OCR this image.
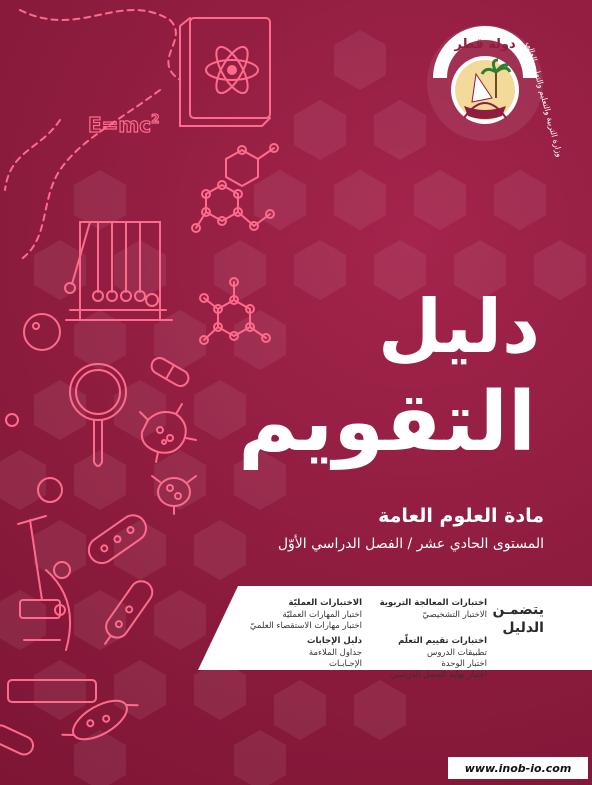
$E=mc^2$
دولة قطر وزارة التربية والتعليم والتعليم العالي
دليل
التقويم
مادة العلوم العامة
المستوى الحادي عشر / الفصل الدراسي الأوّل
يتضمـن
الدليل
اختبارات المعالجة التربوية
الاختبار التشخيصيّ
الاختبارات العمليّة
اختبار المهارات العمليّة
اختبار مهارات الاستقصاء العلميّ
اختبارات تقييم التعلّم
تطبيقات الدروس
اختبار الوحدة
اختبار نهاية الفصل الدراسي
دليل الإجابات
جداول الملاءمة
الإجـابـات
www.inob-io.com
